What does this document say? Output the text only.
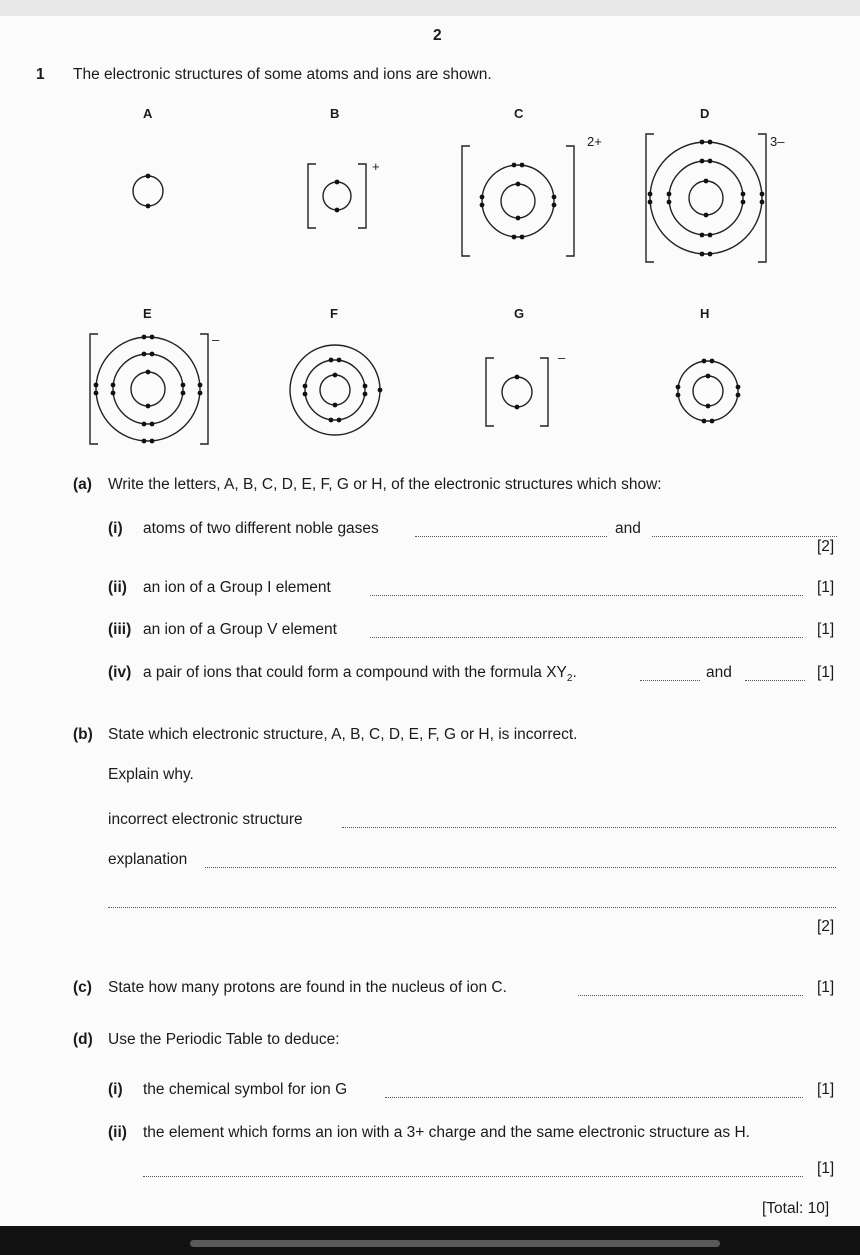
2
1 The electronic structures of some atoms and ions are shown.
A	B	C	D
+
2+	3–
E	F	G	H
–
–
(a) Write the letters, A, B, C, D, E, F, G or H, of the electronic structures which show:
(i) atoms of two different noble gases	and
[2]
(ii) an ion of a Group I element	[1]
(iii) an ion of a Group V element	[1]
(iv) a pair of ions that could form a compound with the formula $XY_2$.	and	[1]
(b) State which electronic structure, A, B, C, D, E, F, G or H, is incorrect.
Explain why.
incorrect electronic structure
explanation
[2]
(c) State how many protons are found in the nucleus of ion C.	[1]
(d) Use the Periodic Table to deduce:
(i) the chemical symbol for ion G	[1]
(ii) the element which forms an ion with a 3+ charge and the same electronic structure as H.
[1]
[Total: 10]
